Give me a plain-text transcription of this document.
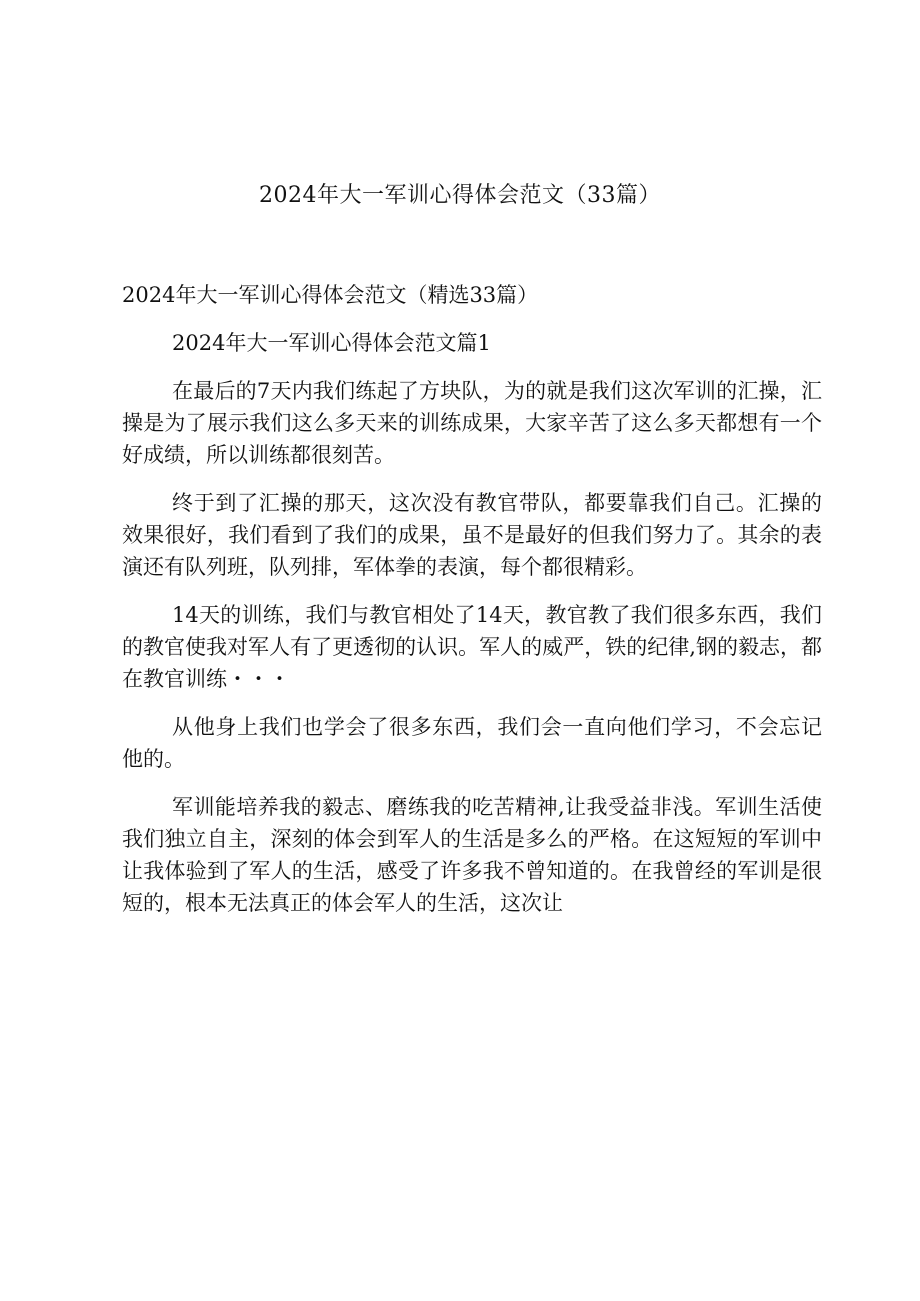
2024年大一军训心得体会范文（33篇）
2024年大一军训心得体会范文（精选33篇）
2024年大一军训心得体会范文篇1

在最后的7天内我们练起了方块队，为的就是我们这次军训的汇操，汇操是为了展示我们这么多天来的训练成果，大家辛苦了这么多天都想有一个好成绩，所以训练都很刻苦。

终于到了汇操的那天，这次没有教官带队，都要靠我们自己。汇操的效果很好，我们看到了我们的成果，虽不是最好的但我们努力了。其余的表演还有队列班，队列排，军体拳的表演，每个都很精彩。

14天的训练，我们与教官相处了14天，教官教了我们很多东西，我们的教官使我对军人有了更透彻的认识。军人的威严，铁的纪律,钢的毅志，都在教官训练・・・

从他身上我们也学会了很多东西，我们会一直向他们学习，不会忘记他的。

军训能培养我的毅志、磨练我的吃苦精神,让我受益非浅。军训生活使我们独立自主，深刻的体会到军人的生活是多么的严格。在这短短的军训中让我体验到了军人的生活，感受了许多我不曾知道的。在我曾经的军训是很短的，根本无法真正的体会军人的生活，这次让
